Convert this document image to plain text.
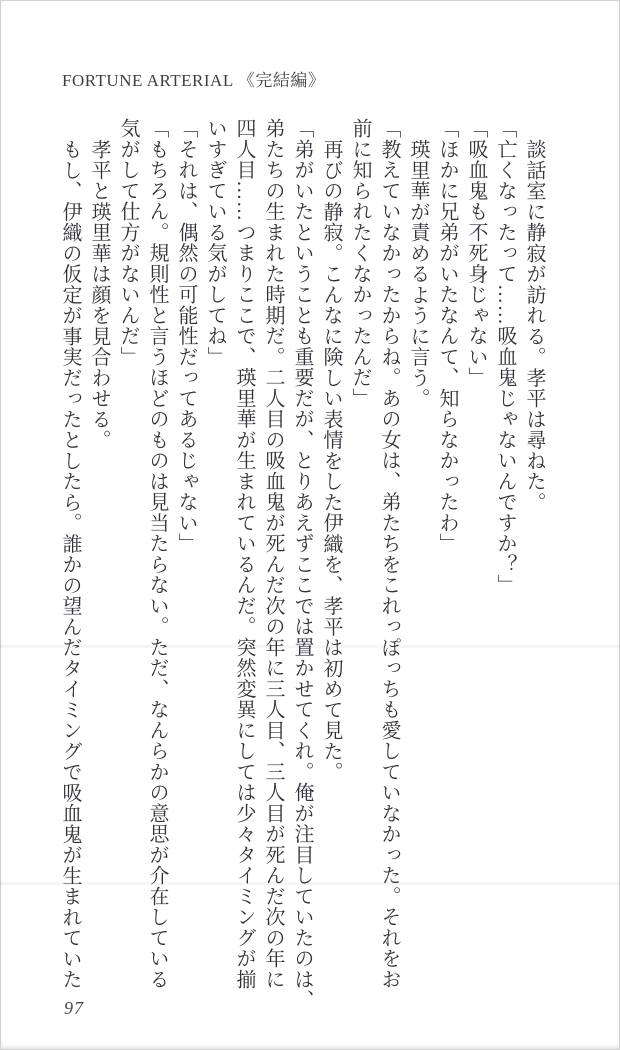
FORTUNE ARTERIAL 《完結編》

談話室に静寂が訪れる。孝平は尋ねた。

「亡くなったって……吸血鬼じゃないんですか？」

「吸血鬼も不死身じゃない」

「ほかに兄弟がいたなんて、知らなかったわ」

瑛里華が責めるように言う。

「教えていなかったからね。あの女は、弟たちをこれっぽっちも愛していなかった。それをお

前に知られたくなかったんだ」

再びの静寂。こんなに険しい表情をした伊織を、孝平は初めて見た。

「弟がいたということも重要だが、とりあえずここでは置かせてくれ。俺が注目していたのは、

弟たちの生まれた時期だ。二人目の吸血鬼が死んだ次の年に三人目、三人目が死んだ次の年に

四人目……つまりここで、瑛里華が生まれているんだ。突然変異にしては少々タイミングが揃

いすぎている気がしてね」

「それは、偶然の可能性だってあるじゃない」

「もちろん。規則性と言うほどのものは見当たらない。ただ、なんらかの意思が介在している

気がして仕方がないんだ」

孝平と瑛里華は顔を見合わせる。

もし、伊織の仮定が事実だったとしたら。誰かの望んだタイミングで吸血鬼が生まれていた

97
